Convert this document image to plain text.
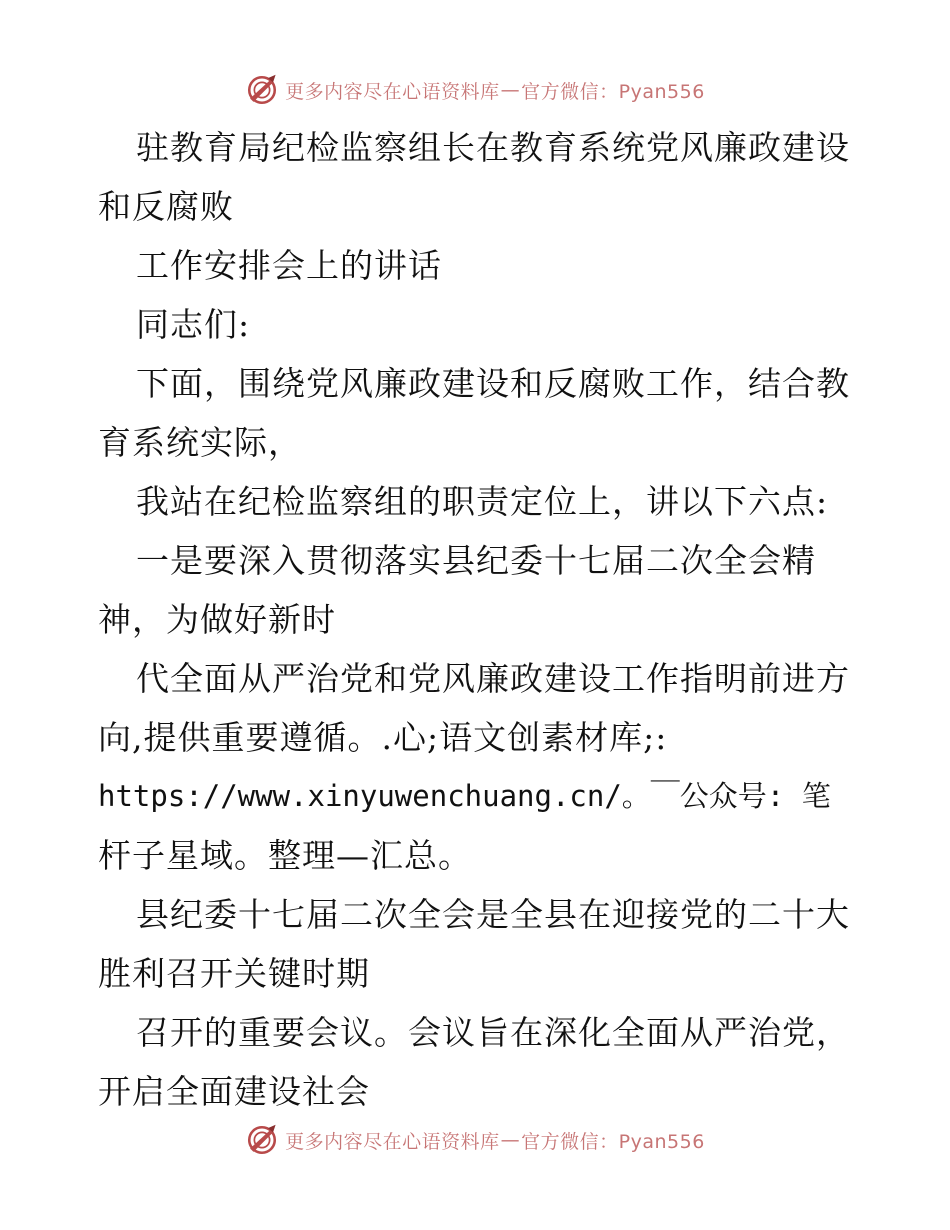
更多内容尽在心语资料库 — 官方微信：Pyan556
驻教育局纪检监察组长在教育系统党风廉政建设
和反腐败
工作安排会上的讲话
同志们:
下面，围绕党风廉政建设和反腐败工作，结合教
育系统实际，
我站在纪检监察组的职责定位上，讲以下六点:
一是要深入贯彻落实县纪委十七届二次全会精
神，为做好新时
代全面从严治党和党风廉政建设工作指明前进方
向,提供重要遵循。.心;语文创素材库;:
https://www.xinyuwenchuang.cn/。￣公众号: 笔
杆子星域。整理—汇总。
县纪委十七届二次全会是全县在迎接党的二十大
胜利召开关键时期
召开的重要会议。会议旨在深化全面从严治党，
开启全面建设社会
更多内容尽在心语资料库 — 官方微信：Pyan556
